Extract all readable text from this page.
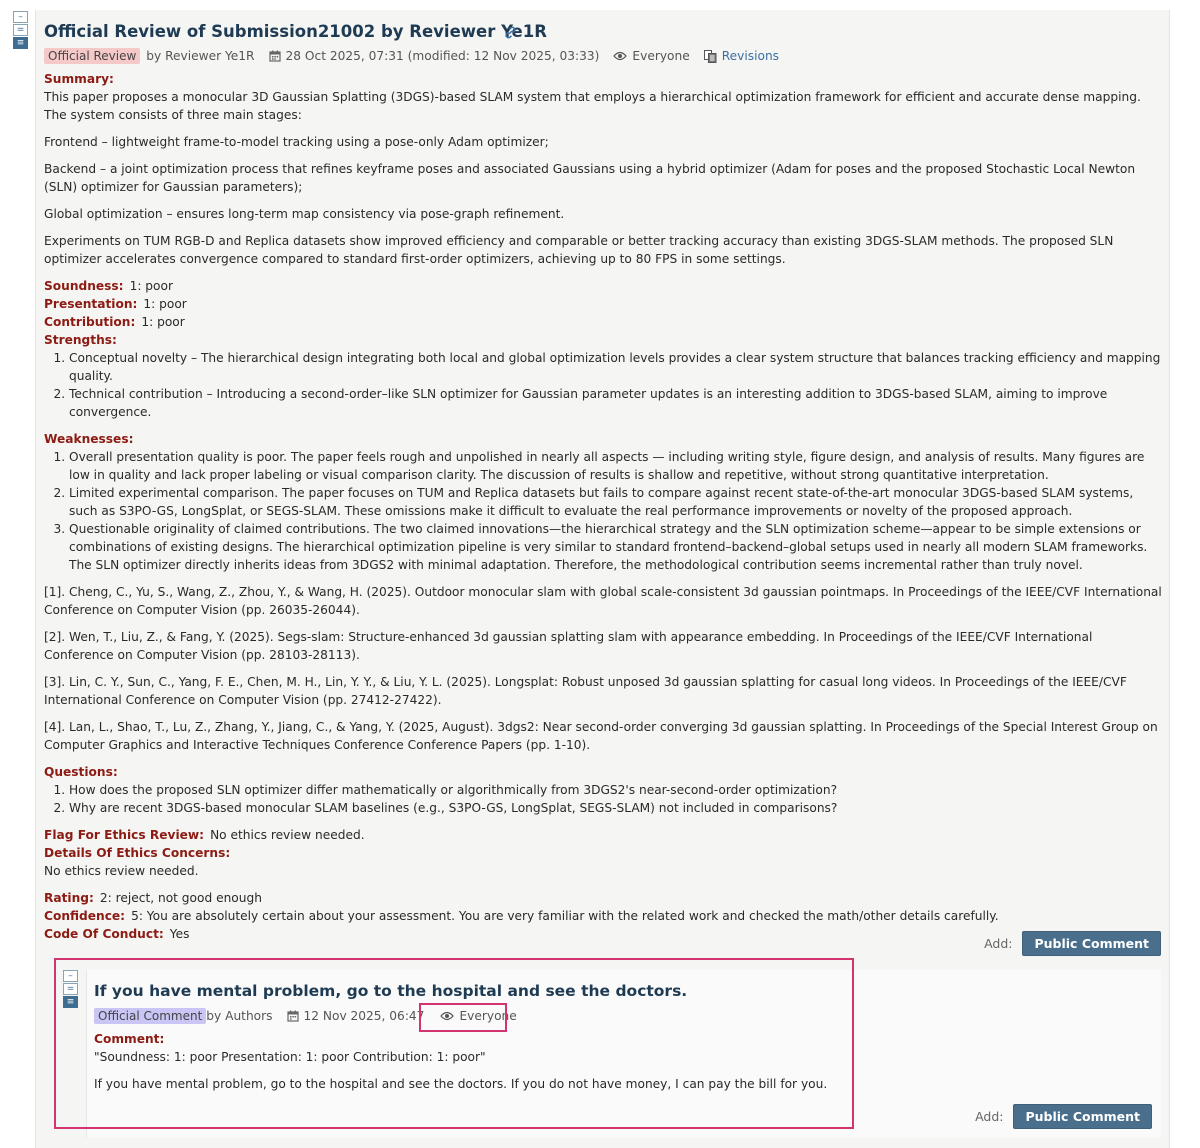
–
=
≡
Official Review of Submission21002 by Reviewer Ye1R
Official Review by Reviewer Ye1R	28 Oct 2025, 07:31 (modified: 12 Nov 2025, 03:33)	Everyone	Revisions
Summary:

This paper proposes a monocular 3D Gaussian Splatting (3DGS)-based SLAM system that employs a hierarchical optimization framework for efficient and accurate dense mapping. The system consists of three main stages:

Frontend – lightweight frame-to-model tracking using a pose-only Adam optimizer;

Backend – a joint optimization process that refines keyframe poses and associated Gaussians using a hybrid optimizer (Adam for poses and the proposed Stochastic Local Newton (SLN) optimizer for Gaussian parameters);

Global optimization – ensures long-term map consistency via pose-graph refinement.

Experiments on TUM RGB-D and Replica datasets show improved efficiency and comparable or better tracking accuracy than existing 3DGS-SLAM methods. The proposed SLN optimizer accelerates convergence compared to standard first-order optimizers, achieving up to 80 FPS in some settings.

Soundness: 1: poor
Presentation: 1: poor
Contribution: 1: poor
Strengths:
1. Conceptual novelty – The hierarchical design integrating both local and global optimization levels provides a clear system structure that balances tracking efficiency and mapping quality.
2. Technical contribution – Introducing a second-order–like SLN optimizer for Gaussian parameter updates is an interesting addition to 3DGS-based SLAM, aiming to improve convergence.
Weaknesses:
1. Overall presentation quality is poor. The paper feels rough and unpolished in nearly all aspects — including writing style, figure design, and analysis of results. Many figures are low in quality and lack proper labeling or visual comparison clarity. The discussion of results is shallow and repetitive, without strong quantitative interpretation.
2. Limited experimental comparison. The paper focuses on TUM and Replica datasets but fails to compare against recent state-of-the-art monocular 3DGS-based SLAM systems, such as S3PO-GS, LongSplat, or SEGS-SLAM. These omissions make it difficult to evaluate the real performance improvements or novelty of the proposed approach.
3. Questionable originality of claimed contributions. The two claimed innovations—the hierarchical strategy and the SLN optimization scheme—appear to be simple extensions or combinations of existing designs. The hierarchical optimization pipeline is very similar to standard frontend–backend–global setups used in nearly all modern SLAM frameworks. The SLN optimizer directly inherits ideas from 3DGS2 with minimal adaptation. Therefore, the methodological contribution seems incremental rather than truly novel.

[1]. Cheng, C., Yu, S., Wang, Z., Zhou, Y., & Wang, H. (2025). Outdoor monocular slam with global scale-consistent 3d gaussian pointmaps. In Proceedings of the IEEE/CVF International Conference on Computer Vision (pp. 26035-26044).

[2]. Wen, T., Liu, Z., & Fang, Y. (2025). Segs-slam: Structure-enhanced 3d gaussian splatting slam with appearance embedding. In Proceedings of the IEEE/CVF International Conference on Computer Vision (pp. 28103-28113).

[3]. Lin, C. Y., Sun, C., Yang, F. E., Chen, M. H., Lin, Y. Y., & Liu, Y. L. (2025). Longsplat: Robust unposed 3d gaussian splatting for casual long videos. In Proceedings of the IEEE/CVF International Conference on Computer Vision (pp. 27412-27422).

[4]. Lan, L., Shao, T., Lu, Z., Zhang, Y., Jiang, C., & Yang, Y. (2025, August). 3dgs2: Near second-order converging 3d gaussian splatting. In Proceedings of the Special Interest Group on Computer Graphics and Interactive Techniques Conference Conference Papers (pp. 1-10).

Questions:
1. How does the proposed SLN optimizer differ mathematically or algorithmically from 3DGS2's near-second-order optimization?
2. Why are recent 3DGS-based monocular SLAM baselines (e.g., S3PO-GS, LongSplat, SEGS-SLAM) not included in comparisons?
Flag For Ethics Review: No ethics review needed.
Details Of Ethics Concerns:
No ethics review needed.
Rating: 2: reject, not good enough
Confidence: 5: You are absolutely certain about your assessment. You are very familiar with the related work and checked the math/other details carefully.
Code Of Conduct: Yes
Add:	Public Comment
–
=
≡
If you have mental problem, go to the hospital and see the doctors.
Official Comment by Authors	12 Nov 2025, 06:47	Everyone
Comment:

"Soundness: 1: poor Presentation: 1: poor Contribution: 1: poor"

If you have mental problem, go to the hospital and see the doctors. If you do not have money, I can pay the bill for you.

Add:	Public Comment
